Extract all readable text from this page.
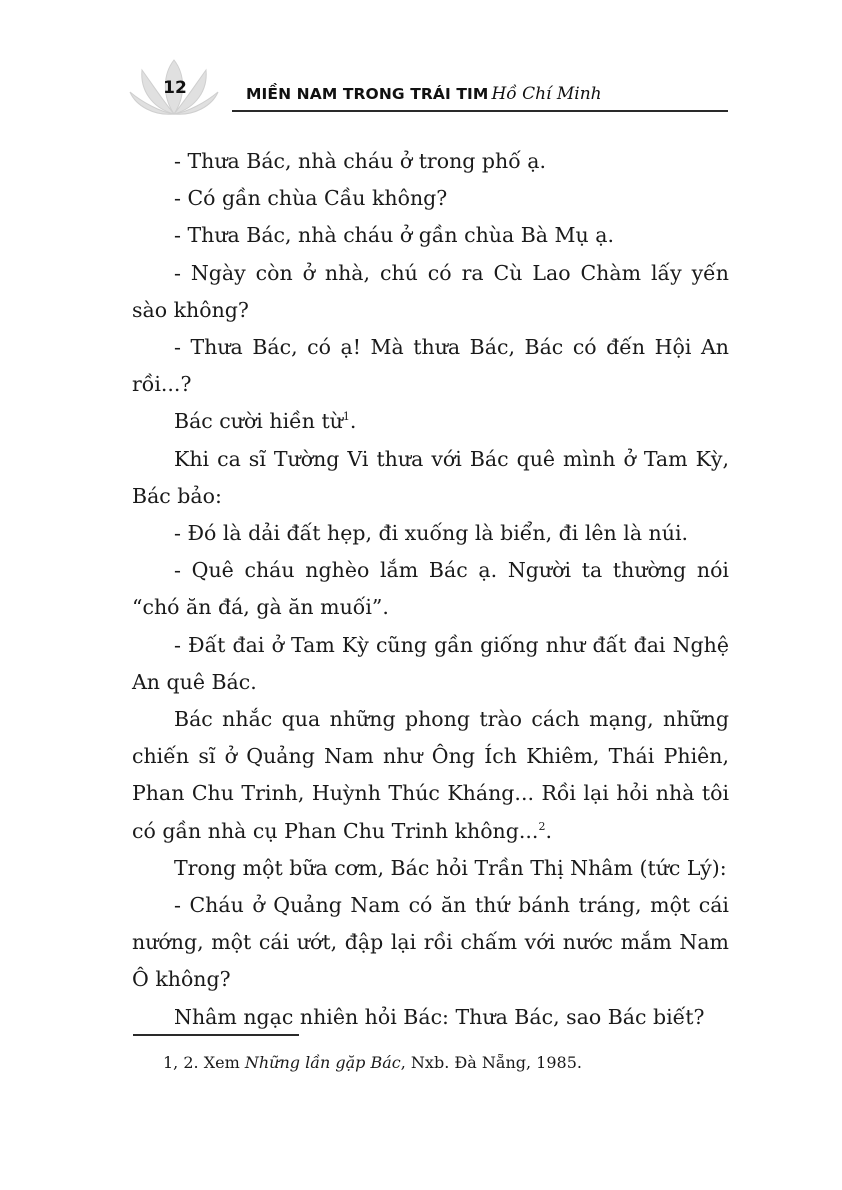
12	MIỀN NAM TRONG TRÁI TIM Hồ Chí Minh

- Thưa Bác, nhà cháu ở trong phố ạ.

- Có gần chùa Cầu không?

- Thưa Bác, nhà cháu ở gần chùa Bà Mụ ạ.

- Ngày còn ở nhà, chú có ra Cù Lao Chàm lấy yến sào không?

- Thưa Bác, có ạ! Mà thưa Bác, Bác có đến Hội An rồi...?

Bác cười hiền từ$^1$.

Khi ca sĩ Tường Vi thưa với Bác quê mình ở Tam Kỳ, Bác bảo:

- Đó là dải đất hẹp, đi xuống là biển, đi lên là núi.

- Quê cháu nghèo lắm Bác ạ. Người ta thường nói “chó ăn đá, gà ăn muối”.

- Đất đai ở Tam Kỳ cũng gần giống như đất đai Nghệ An quê Bác.

Bác nhắc qua những phong trào cách mạng, những chiến sĩ ở Quảng Nam như Ông Ích Khiêm, Thái Phiên, Phan Chu Trinh, Huỳnh Thúc Kháng... Rồi lại hỏi nhà tôi có gần nhà cụ Phan Chu Trinh không...$^2$.

Trong một bữa cơm, Bác hỏi Trần Thị Nhâm (tức Lý):

- Cháu ở Quảng Nam có ăn thứ bánh tráng, một cái nướng, một cái ướt, đập lại rồi chấm với nước mắm Nam Ô không?

Nhâm ngạc nhiên hỏi Bác: Thưa Bác, sao Bác biết?

1, 2. Xem Những lần gặp Bác, Nxb. Đà Nẵng, 1985.
